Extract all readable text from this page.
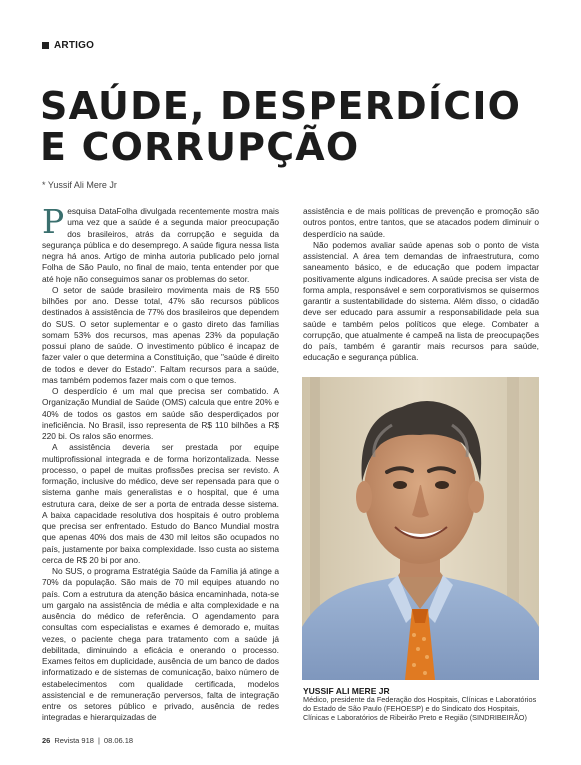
ARTIGO
SAÚDE, DESPERDÍCIO
E CORRUPÇÃO
* Yussif Ali Mere Jr

Pesquisa DataFolha divulgada recentemente mostra mais uma vez que a saúde é a segunda maior preocupação dos brasileiros, atrás da corrupção e seguida da segurança pública e do desemprego. A saúde figura nessa lista negra há anos. Artigo de minha autoria publicado pelo jornal Folha de São Paulo, no final de maio, tenta entender por que até hoje não conseguimos sanar os problemas do setor.

O setor de saúde brasileiro movimenta mais de R$ 550 bilhões por ano. Desse total, 47% são recursos públicos destinados à assistência de 77% dos brasileiros que dependem do SUS. O setor suplementar e o gasto direto das famílias somam 53% dos recursos, mas apenas 23% da população possui plano de saúde. O investimento público é incapaz de fazer valer o que determina a Constituição, que "saúde é direito de todos e dever do Estado". Faltam recursos para a saúde, mas também podemos fazer mais com o que temos.

O desperdício é um mal que precisa ser combatido. A Organização Mundial de Saúde (OMS) calcula que entre 20% e 40% de todos os gastos em saúde são desperdiçados por ineficiência. No Brasil, isso representa de R$ 110 bilhões a R$ 220 bi. Os ralos são enormes.

A assistência deveria ser prestada por equipe multiprofissional integrada e de forma horizontalizada. Nesse processo, o papel de muitas profissões precisa ser revisto. A formação, inclusive do médico, deve ser repensada para que o sistema ganhe mais generalistas e o hospital, que é uma estrutura cara, deixe de ser a porta de entrada desse sistema. A baixa capacidade resolutiva dos hospitais é outro problema que precisa ser enfrentado. Estudo do Banco Mundial mostra que apenas 40% dos mais de 430 mil leitos são ocupados no país, justamente por baixa complexidade. Isso custa ao sistema cerca de R$ 20 bi por ano.

No SUS, o programa Estratégia Saúde da Família já atinge a 70% da população. São mais de 70 mil equipes atuando no país. Com a estrutura da atenção básica encaminhada, nota-se um gargalo na assistência de média e alta complexidade e na ausência do médico de referência. O agendamento para consultas com especialistas e exames é demorado e, muitas vezes, o paciente chega para tratamento com a saúde já debilitada, diminuindo a eficácia e onerando o processo. Exames feitos em duplicidade, ausência de um banco de dados informatizado e de sistemas de comunicação, baixo número de estabelecimentos com qualidade certificada, modelos assistencial e de remuneração perversos, falta de integração entre os setores público e privado, ausência de redes integradas e hierarquizadas de

assistência e de mais políticas de prevenção e promoção são outros pontos, entre tantos, que se atacados podem diminuir o desperdício na saúde.

Não podemos avaliar saúde apenas sob o ponto de vista assistencial. A área tem demandas de infraestrutura, como saneamento básico, e de educação que podem impactar positivamente alguns indicadores. A saúde precisa ser vista de forma ampla, responsável e sem corporativismos se quisermos garantir a sustentabilidade do sistema. Além disso, o cidadão deve ser educado para assumir a responsabilidade pela sua saúde e também pelos políticos que elege. Combater a corrupção, que atualmente é campeã na lista de preocupações do país, também é garantir mais recursos para saúde, educação e segurança pública.

YUSSIF ALI MERE JR
Médico, presidente da Federação dos Hospitais, Clínicas e Laboratórios do Estado de São Paulo (FEHOESP) e do Sindicato dos Hospitais, Clínicas e Laboratórios de Ribeirão Preto e Região (SINDRIBEIRÃO)
26 Revista 918 | 08.06.18
